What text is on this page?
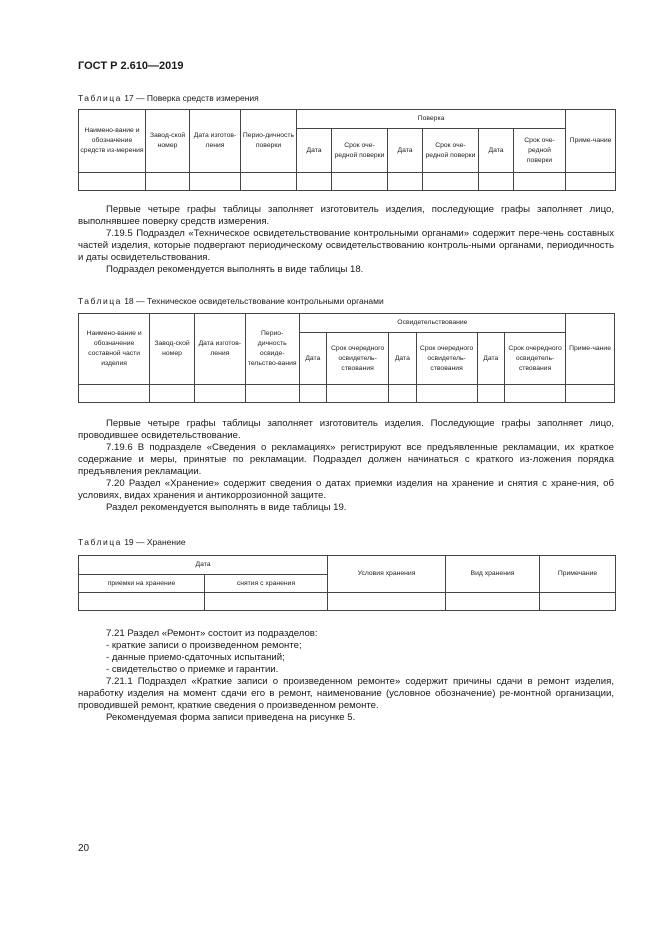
ГОСТ Р 2.610—2019
Таблица 17 — Поверка средств измерения
Наимено-вание и обозначение средств из-мерения	Завод-ской номер	Дата изготов-ления	Перио-дичность поверки	Поверка						Приме-чание
				Дата	Срок оче-редной поверки	Дата	Срок оче-редной поверки	Дата	Срок оче-редной поверки	

Первые четыре графы таблицы заполняет изготовитель изделия, последующие графы заполняет лицо, выполнявшее поверку средств измерения.

7.19.5 Подраздел «Техническое освидетельствование контрольными органами» содержит пере-чень составных частей изделия, которые подвергают периодическому освидетельствованию контроль-ными органами, периодичность и даты освидетельствования.

Подраздел рекомендуется выполнять в виде таблицы 18.

Таблица 18 — Техническое освидетельствование контрольными органами
Наимено-вание и обозначение составной части изделия	Завод-ской номер	Дата изготов-ления	Перио-дичность освиде-тельство-вания	Освидетельствование						Приме-чание
				Дата	Срок очередного освидетель-ствования	Дата	Срок очередного освидетель-ствования	Дата	Срок очередного освидетель-ствования	

Первые четыре графы таблицы заполняет изготовитель изделия. Последующие графы заполняет лицо, проводившее освидетельствование.

7.19.6 В подразделе «Сведения о рекламациях» регистрируют все предъявленные рекламации, их краткое содержание и меры, принятые по рекламации. Подраздел должен начинаться с краткого из-ложения порядка предъявления рекламации.

7.20 Раздел «Хранение» содержит сведения о датах приемки изделия на хранение и снятия с хране-ния, об условиях, видах хранения и антикоррозионной защите.

Раздел рекомендуется выполнять в виде таблицы 19.

Таблица 19 — Хранение
Дата		Условия хранения	Вид хранения	Примечание
приемки на хранение	снятия с хранения			

7.21 Раздел «Ремонт» состоит из подразделов:

- краткие записи о произведенном ремонте;

- данные приемо-сдаточных испытаний;

- свидетельство о приемке и гарантии.

7.21.1 Подраздел «Краткие записи о произведенном ремонте» содержит причины сдачи в ремонт изделия, наработку изделия на момент сдачи его в ремонт, наименование (условное обозначение) ре-монтной организации, проводившей ремонт, краткие сведения о произведенном ремонте.

Рекомендуемая форма записи приведена на рисунке 5.

20
